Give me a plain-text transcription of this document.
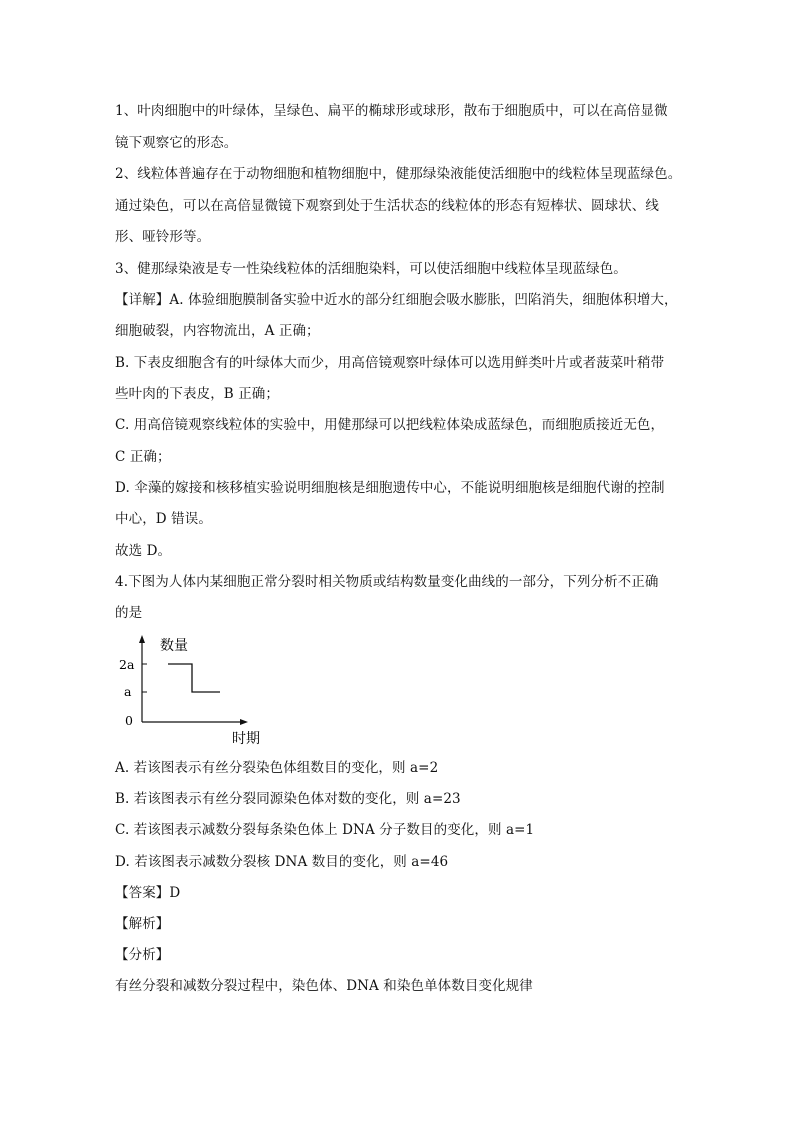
1、叶肉细胞中的叶绿体，呈绿色、扁平的椭球形或球形，散布于细胞质中，可以在高倍显微
镜下观察它的形态。
2、线粒体普遍存在于动物细胞和植物细胞中，健那绿染液能使活细胞中的线粒体呈现蓝绿色。
通过染色，可以在高倍显微镜下观察到处于生活状态的线粒体的形态有短棒状、圆球状、线
形、哑铃形等。
3、健那绿染液是专一性染线粒体的活细胞染料，可以使活细胞中线粒体呈现蓝绿色。
【详解】A. 体验细胞膜制备实验中近水的部分红细胞会吸水膨胀，凹陷消失，细胞体积增大，
细胞破裂，内容物流出，A 正确；
B. 下表皮细胞含有的叶绿体大而少，用高倍镜观察叶绿体可以选用鲜类叶片或者菠菜叶稍带
些叶肉的下表皮，B 正确；
C. 用高倍镜观察线粒体的实验中，用健那绿可以把线粒体染成蓝绿色，而细胞质接近无色，
C 正确；
D. 伞藻的嫁接和核移植实验说明细胞核是细胞遗传中心，不能说明细胞核是细胞代谢的控制
中心，D 错误。
故选 D。
4.下图为人体内某细胞正常分裂时相关物质或结构数量变化曲线的一部分，下列分析不正确
的是
数量
2a
a
0
时期
A. 若该图表示有丝分裂染色体组数目的变化，则 a=2
B. 若该图表示有丝分裂同源染色体对数的变化，则 a=23
C. 若该图表示减数分裂每条染色体上 DNA 分子数目的变化，则 a=1
D. 若该图表示减数分裂核 DNA 数目的变化，则 a=46
【答案】D
【解析】
【分析】
有丝分裂和减数分裂过程中，染色体、DNA 和染色单体数目变化规律
